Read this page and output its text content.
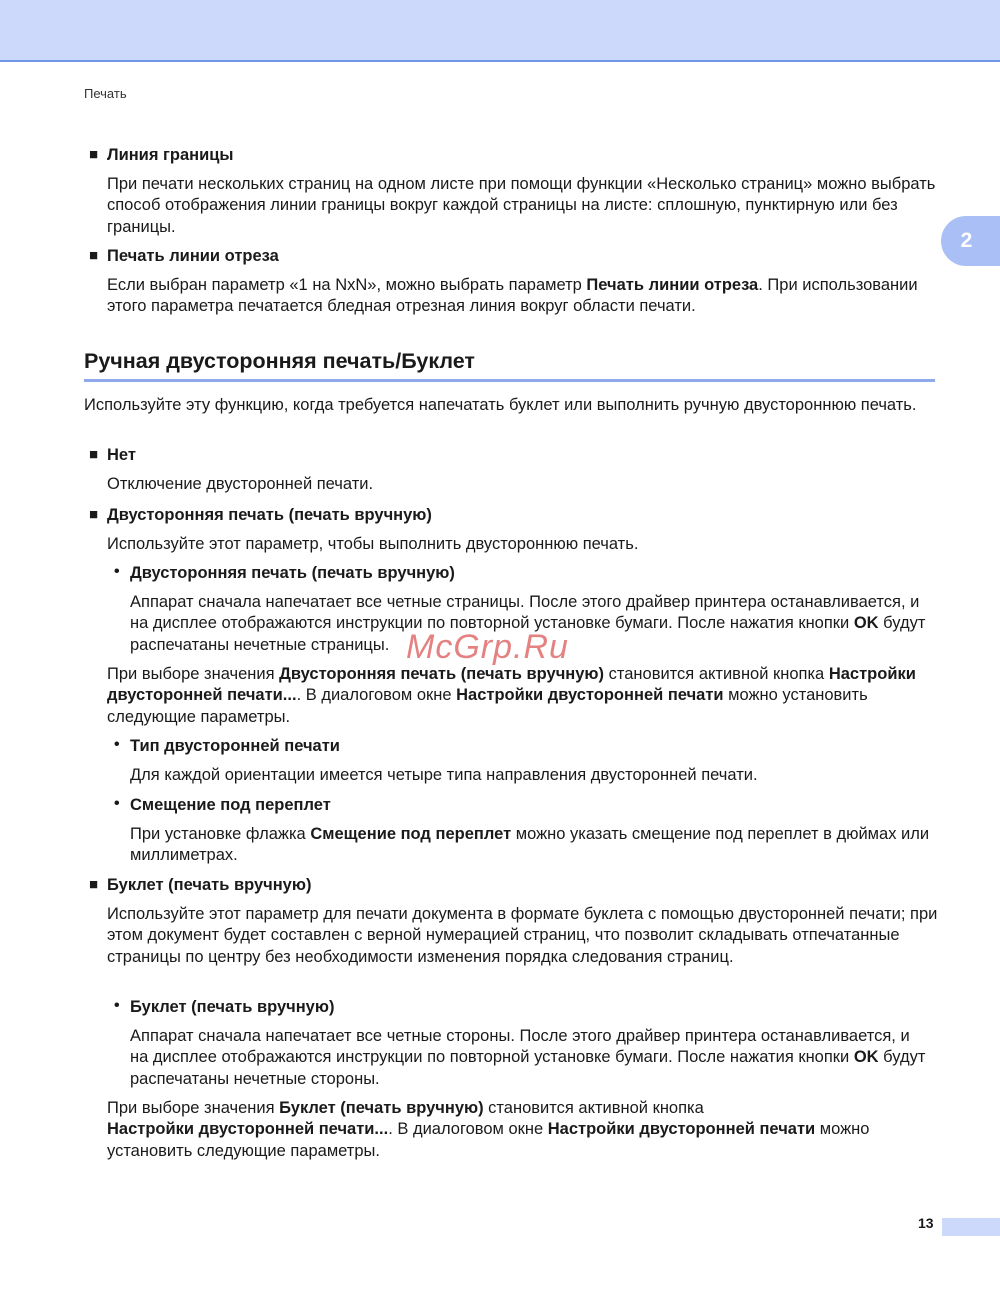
Печать
2
■ Линия границы

При печати нескольких страниц на одном листе при помощи функции «Несколько страниц» можно выбрать способ отображения линии границы вокруг каждой страницы на листе: сплошную, пунктирную или без границы.

■ Печать линии отреза

Если выбран параметр «1 на NxN», можно выбрать параметр Печать линии отреза. При использовании этого параметра печатается бледная отрезная линия вокруг области печати.

Ручная двусторонняя печать/Буклет

Используйте эту функцию, когда требуется напечатать буклет или выполнить ручную двустороннюю печать.

■ Нет

Отключение двусторонней печати.

■ Двусторонняя печать (печать вручную)

Используйте этот параметр, чтобы выполнить двустороннюю печать.

• Двусторонняя печать (печать вручную)

Аппарат сначала напечатает все четные страницы. После этого драйвер принтера останавливается, и на дисплее отображаются инструкции по повторной установке бумаги. После нажатия кнопки OK будут распечатаны нечетные страницы.

При выборе значения Двусторонняя печать (печать вручную) становится активной кнопка Настройки двусторонней печати.... В диалоговом окне Настройки двусторонней печати можно установить следующие параметры.

• Тип двусторонней печати

Для каждой ориентации имеется четыре типа направления двусторонней печати.

• Смещение под переплет

При установке флажка Смещение под переплет можно указать смещение под переплет в дюймах или миллиметрах.

■ Буклет (печать вручную)

Используйте этот параметр для печати документа в формате буклета с помощью двусторонней печати; при этом документ будет составлен с верной нумерацией страниц, что позволит складывать отпечатанные страницы по центру без необходимости изменения порядка следования страниц.

• Буклет (печать вручную)

Аппарат сначала напечатает все четные стороны. После этого драйвер принтера останавливается, и на дисплее отображаются инструкции по повторной установке бумаги. После нажатия кнопки OK будут распечатаны нечетные стороны.

При выборе значения Буклет (печать вручную) становится активной кнопка
Настройки двусторонней печати.... В диалоговом окне Настройки двусторонней печати можно установить следующие параметры.

McGrp.Ru
13
